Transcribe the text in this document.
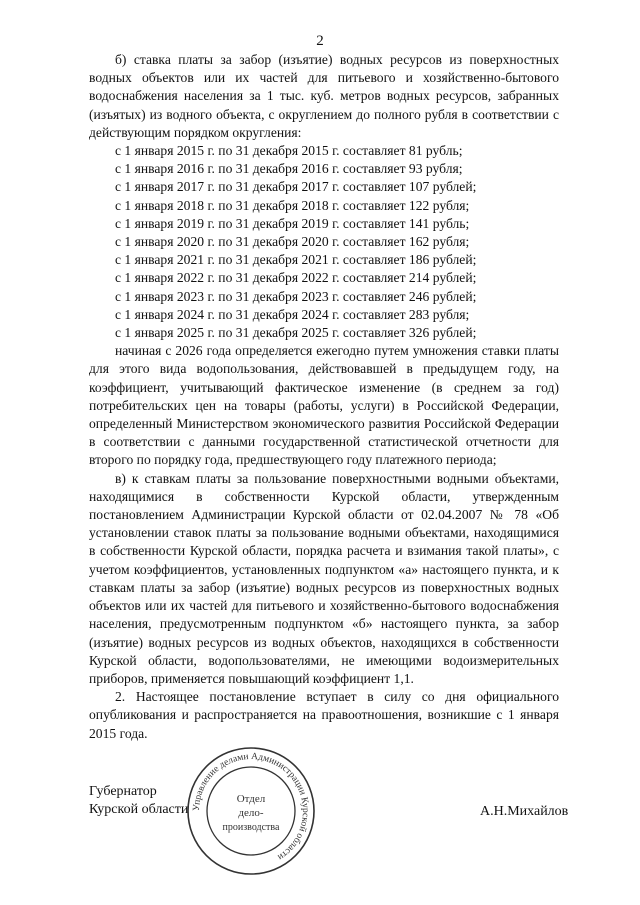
2

б) ставка платы за забор (изъятие) водных ресурсов из поверхностных водных объектов или их частей для питьевого и хозяйственно-бытового водоснабжения населения за 1 тыс. куб. метров водных ресурсов, забранных (изъятых) из водного объекта, с округлением до полного рубля в соответствии с действующим порядком округления:

с 1 января 2015 г. по 31 декабря 2015 г. составляет 81 рубль;
с 1 января 2016 г. по 31 декабря 2016 г. составляет 93 рубля;
с 1 января 2017 г. по 31 декабря 2017 г. составляет 107 рублей;
с 1 января 2018 г. по 31 декабря 2018 г. составляет 122 рубля;
с 1 января 2019 г. по 31 декабря 2019 г. составляет 141 рубль;
с 1 января 2020 г. по 31 декабря 2020 г. составляет 162 рубля;
с 1 января 2021 г. по 31 декабря 2021 г. составляет 186 рублей;
с 1 января 2022 г. по 31 декабря 2022 г. составляет 214 рублей;
с 1 января 2023 г. по 31 декабря 2023 г. составляет 246 рублей;
с 1 января 2024 г. по 31 декабря 2024 г. составляет 283 рубля;
с 1 января 2025 г. по 31 декабря 2025 г. составляет 326 рублей;

начиная с 2026 года определяется ежегодно путем умножения ставки платы для этого вида водопользования, действовавшей в предыдущем году, на коэффициент, учитывающий фактическое изменение (в среднем за год) потребительских цен на товары (работы, услуги) в Российской Федерации, определенный Министерством экономического развития Российской Федерации в соответствии с данными государственной статистической отчетности для второго по порядку года, предшествующего году платежного периода;

в) к ставкам платы за пользование поверхностными водными объектами, находящимися в собственности Курской области, утвержденным постановлением Администрации Курской области от 02.04.2007 № 78 «Об установлении ставок платы за пользование водными объектами, находящимися в собственности Курской области, порядка расчета и взимания такой платы», с учетом коэффициентов, установленных подпунктом «а» настоящего пункта, и к ставкам платы за забор (изъятие) водных ресурсов из поверхностных водных объектов или их частей для питьевого и хозяйственно-бытового водоснабжения населения, предусмотренным подпунктом «б» настоящего пункта, за забор (изъятие) водных ресурсов из водных объектов, находящихся в собственности Курской области, водопользователями, не имеющими водоизмерительных приборов, применяется повышающий коэффициент 1,1.

2. Настоящее постановление вступает в силу со дня официального опубликования и распространяется на правоотношения, возникшие с 1 января 2015 года.

Губернатор
Курской области	А.Н.Михайлов
Управление делами Администрации Курской области
Отдел
дело-
производства
